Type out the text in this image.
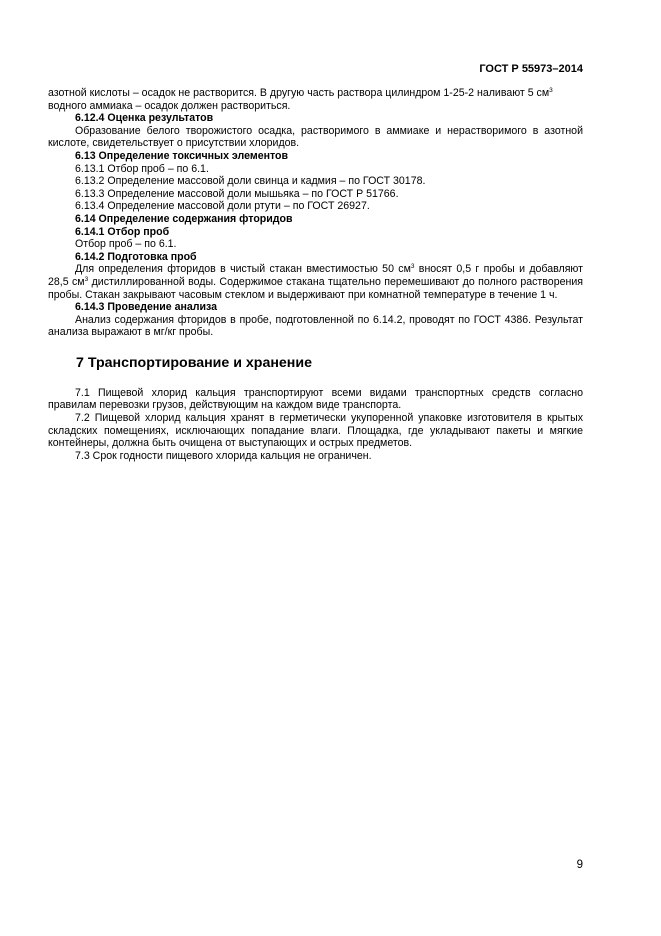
ГОСТ Р 55973–2014

азотной кислоты – осадок не растворится. В другую часть раствора цилиндром 1-25-2 наливают 5 $см^3$
водного аммиака – осадок должен раствориться.

6.12.4 Оценка результатов

Образование белого творожистого осадка, растворимого в аммиаке и нерастворимого в азотной кислоте, свидетельствует о присутствии хлоридов.

6.13 Определение токсичных элементов

6.13.1 Отбор проб – по 6.1.

6.13.2 Определение массовой доли свинца и кадмия – по ГОСТ 30178.

6.13.3 Определение массовой доли мышьяка – по ГОСТ Р 51766.

6.13.4 Определение массовой доли ртути – по ГОСТ 26927.

6.14 Определение содержания фторидов

6.14.1 Отбор проб

Отбор проб – по 6.1.

6.14.2 Подготовка проб

Для определения фторидов в чистый стакан вместимостью 50 $см^3$ вносят 0,5 г пробы и добавляют 28,5 $см^3$ дистиллированной воды. Содержимое стакана тщательно перемешивают до полного растворения пробы. Стакан закрывают часовым стеклом и выдерживают при комнатной температуре в течение 1 ч.

6.14.3 Проведение анализа

Анализ содержания фторидов в пробе, подготовленной по 6.14.2, проводят по ГОСТ 4386. Результат анализа выражают в мг/кг пробы.

7 Транспортирование и хранение

7.1 Пищевой хлорид кальция транспортируют всеми видами транспортных средств согласно правилам перевозки грузов, действующим на каждом виде транспорта.

7.2 Пищевой хлорид кальция хранят в герметически укупоренной упаковке изготовителя в крытых складских помещениях, исключающих попадание влаги. Площадка, где укладывают пакеты и мягкие контейнеры, должна быть очищена от выступающих и острых предметов.

7.3 Срок годности пищевого хлорида кальция не ограничен.

9
